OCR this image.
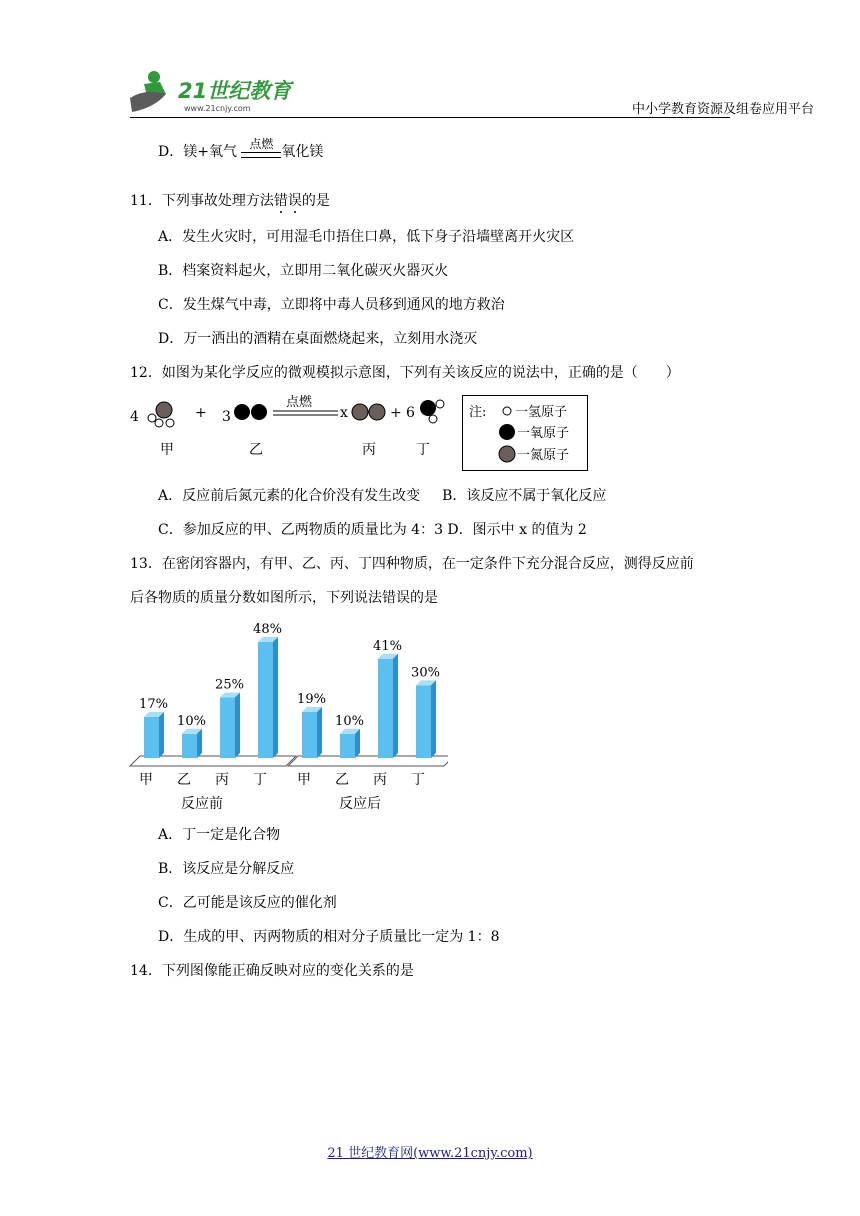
21世纪教育
www.21cnjy.com	中小学教育资源及组卷应用平台
D．镁+氧气	点燃 氧化镁
11．下列事故处理方法错误的是
A．发生火灾时，可用湿毛巾捂住口鼻，低下身子沿墙壁离开火灾区
B．档案资料起火，立即用二氧化碳灭火器灭火
C．发生煤气中毒，立即将中毒人员移到通风的地方救治
D．万一洒出的酒精在桌面燃烧起来，立刻用水浇灭
12．如图为某化学反应的微观模拟示意图，下列有关该反应的说法中，正确的是（　　）
4	+ 3
点燃
x	+ 6
甲	乙	丙	丁
注: 一氢原子
一氧原子
一氮原子
A．反应前后氮元素的化合价没有发生改变 B．该反应不属于氧化反应
C．参加反应的甲、乙两物质的质量比为 4：3 D．图示中 x 的值为 2
13．在密闭容器内，有甲、乙、丙、丁四种物质，在一定条件下充分混合反应，测得反应前
后各物质的质量分数如图所示，下列说法错误的是
17%
甲
10%
乙
25%
丙
48%
丁
反应前
19%
甲
10%
乙
41%
丙
30%
丁
反应后
A．丁一定是化合物
B．该反应是分解反应
C．乙可能是该反应的催化剂
D．生成的甲、丙两物质的相对分子质量比一定为 1：8
14．下列图像能正确反映对应的变化关系的是
21 世纪教育网(www.21cnjy.com)
